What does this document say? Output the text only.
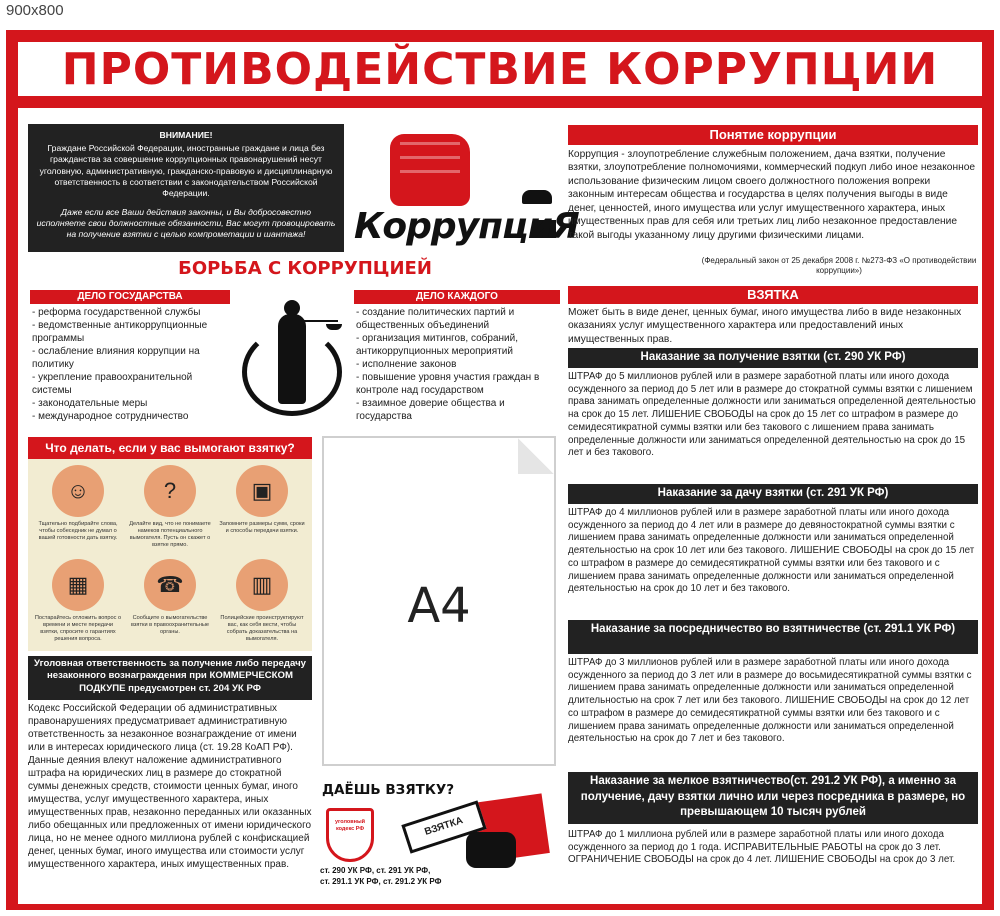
900x800
ПРОТИВОДЕЙСТВИЕ КОРРУПЦИИ
ВНИМАНИЕ!
Граждане Российской Федерации, иностранные граждане и лица без гражданства за совершение коррупционных правонарушений несут уголовную, административную, гражданско-правовую и дисциплинарную ответственность в соответствии с законодательством Российской Федерации.
Даже если все Ваши действия законны, и Вы добросовестно исполняете свои должностные обязанности, Вас могут провоцировать на получение взятки с целью компрометации и шантажа!	КоррупциЯ
Понятие коррупции
Коррупция - злоупотребление служебным положением, дача взятки, получение взятки, злоупотребление полномочиями, коммерческий подкуп либо иное незаконное использование физическим лицом своего должностного положения вопреки законным интересам общества и государства в целях получения выгоды в виде денег, ценностей, иного имущества или услуг имущественного характера, иных имущественных прав для себя или третьих лиц либо незаконное предоставление такой выгоды указанному лицу другими физическими лицами.
(Федеральный закон от 25 декабря 2008 г. №273-ФЗ «О противодействии коррупции»)
БОРЬБА С КОРРУПЦИЕЙ
ДЕЛО ГОСУДАРСТВА
- реформа государственной службы
- ведомственные антикоррупционные программы
- ослабление влияния коррупции на политику
- укрепление правоохранительной системы
- законодательные меры
- международное сотрудничество
ДЕЛО КАЖДОГО
- создание политических партий и общественных объединений
- организация митингов, собраний, антикоррупционных мероприятий
- исполнение законов
- повышение уровня участия граждан в контроле над государством
- взаимное доверие общества и государства
ВЗЯТКА
Может быть в виде денег, ценных бумаг, иного имущества либо в виде незаконных оказаниях услуг имущественного характера или предоставлений иных имущественных прав.
Наказание за получение взятки (ст. 290 УК РФ)
ШТРАФ до 5 миллионов рублей или в размере заработной платы или иного дохода осужденного за период до 5 лет или в размере до стократной суммы взятки с лишением права занимать определенные должности или заниматься определенной деятельностью на срок до 15 лет. ЛИШЕНИЕ СВОБОДЫ на срок до 15 лет со штрафом в размере до семидесятикратной суммы взятки или без такового с лишением права занимать определенные должности или заниматься определенной деятельностью на срок до 15 лет и без такового.
Наказание за дачу взятки (ст. 291 УК РФ)
ШТРАФ до 4 миллионов рублей или в размере заработной платы или иного дохода осужденного за период до 4 лет или в размере до девяностократной суммы взятки с лишением права занимать определенные должности или заниматься определенной деятельностью на срок 10 лет или без такового. ЛИШЕНИЕ СВОБОДЫ на срок до 15 лет со штрафом в размере до семидесятикратной суммы взятки или без такового и с лишением права занимать определенные должности или заниматься определенной деятельностью на срок до 10 лет и без такового.
Наказание за посредничество во взятничестве (ст. 291.1 УК РФ)
ШТРАФ до 3 миллионов рублей или в размере заработной платы или иного дохода осужденного за период до 3 лет или в размере до восьмидесятикратной суммы взятки с лишением права занимать определенные должности или заниматься определенной длительностью на срок 7 лет или без такового. ЛИШЕНИЕ СВОБОДЫ на срок до 12 лет со штрафом в размере до семидесятикратной суммы взятки или без такового и с лишением права занимать определенные должности или заниматься определенной деятельностью на срок до 7 лет и без такового.
Наказание за мелкое взятничество(ст. 291.2 УК РФ), а именно за получение, дачу взятки лично или через посредника в размере, но превышающем 10 тысяч рублей
ШТРАФ до 1 миллиона рублей или в размере заработной платы или иного дохода осужденного за период до 1 года. ИСПРАВИТЕЛЬНЫЕ РАБОТЫ на срок до 3 лет. ОГРАНИЧЕНИЕ СВОБОДЫ на срок до 4 лет. ЛИШЕНИЕ СВОБОДЫ на срок до 3 лет.
Что делать, если у вас вымогают взятку?
☺
Тщательно подбирайте слова, чтобы собеседник не думал о вашей готовности дать взятку.
?
Делайте вид, что не понимаете намеков потенциального вымогателя. Пусть он скажет о взятке прямо.
▣
Запомните размеры сумм, сроки и способы передачи взятки.
▦
Постарайтесь отложить вопрос о времени и месте передачи взятки, спросите о гарантиях решения вопроса.
☎
Сообщите о вымогательстве взятки в правоохранительные органы.
▥
Полицейские проинструктируют вас, как себя вести, чтобы собрать доказательства на вымогателя.
А4
Уголовная ответственность за получение либо передачу незаконного вознаграждения при КОММЕРЧЕСКОМ ПОДКУПЕ предусмотрен ст. 204 УК РФ
Кодекс Российской Федерации об административных правонарушениях предусматривает административную ответственность за незаконное вознаграждение от имени или в интересах юридического лица (ст. 19.28 КоАП РФ). Данные деяния влекут наложение административного штрафа на юридических лиц в размере до стократной суммы денежных средств, стоимости ценных бумаг, иного имущества, услуг имущественного характера, иных имущественных прав, незаконно переданных или оказанных либо обещанных или предложенных от имени юридического лица, но не менее одного миллиона рублей с конфискацией денег, ценных бумаг, иного имущества или стоимости услуг имущественного характера, иных имущественных прав.
ДАЁШЬ ВЗЯТКУ?
уголовный кодекс РФ	ВЗЯТКА
ст. 290 УК РФ, ст. 291 УК РФ,
ст. 291.1 УК РФ, ст. 291.2 УК РФ
